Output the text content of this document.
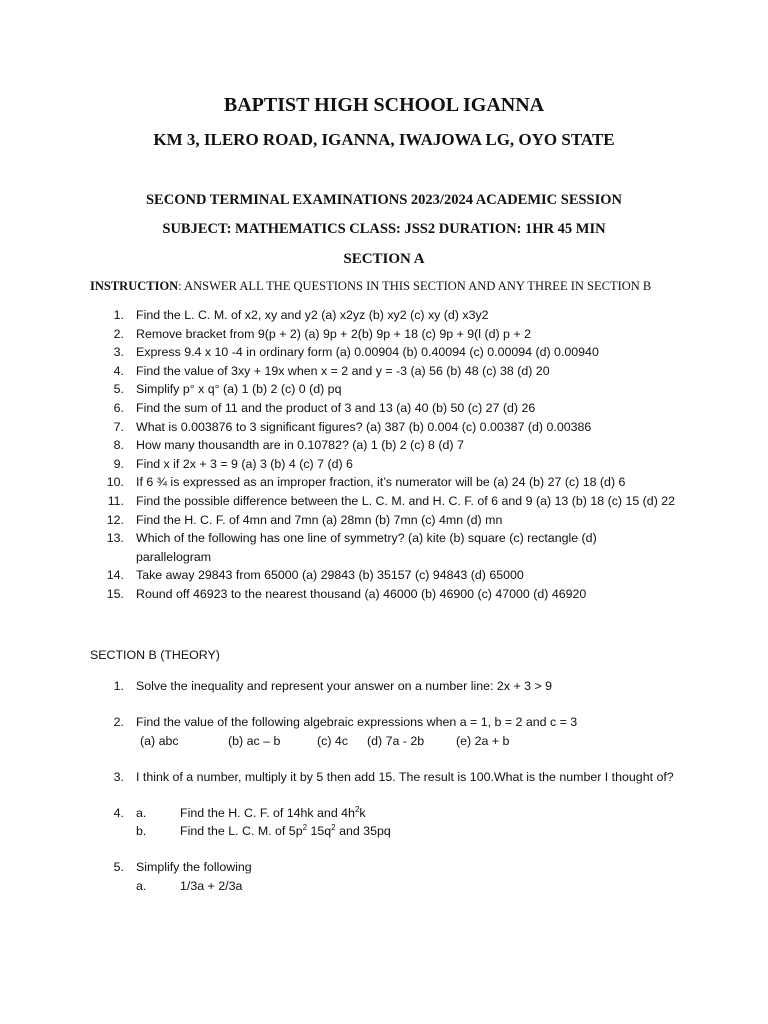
BAPTIST HIGH SCHOOL IGANNA
KM 3, ILERO ROAD, IGANNA, IWAJOWA LG, OYO STATE
SECOND TERMINAL EXAMINATIONS 2023/2024 ACADEMIC SESSION
SUBJECT: MATHEMATICS CLASS: JSS2 DURATION: 1HR 45 MIN
SECTION A
INSTRUCTION: ANSWER ALL THE QUESTIONS IN THIS SECTION AND ANY THREE IN SECTION B
1. Find the L. C. M. of x2, xy and y2 (a) x2yz (b) xy2 (c) xy (d) x3y2
2. Remove bracket from 9(p + 2) (a) 9p + 2(b) 9p + 18 (c) 9p + 9(l (d) p + 2
3. Express 9.4 x 10 -4 in ordinary form (a) 0.00904 (b) 0.40094 (c) 0.00094 (d) 0.00940
4. Find the value of 3xy + 19x when x = 2 and y = -3 (a) 56 (b) 48 (c) 38 (d) 20
5. Simplify p° x q° (a) 1 (b) 2 (c) 0 (d) pq
6. Find the sum of 11 and the product of 3 and 13 (a) 40 (b) 50 (c) 27 (d) 26
7. What is 0.003876 to 3 significant figures? (a) 387 (b) 0.004 (c) 0.00387 (d) 0.00386
8. How many thousandth are in 0.10782? (a) 1 (b) 2 (c) 8 (d) 7
9. Find x if 2x + 3 = 9 (a) 3 (b) 4 (c) 7 (d) 6
10. If 6 ¾ is expressed as an improper fraction, it’s numerator will be (a) 24 (b) 27 (c) 18 (d) 6
11. Find the possible difference between the L. C. M. and H. C. F. of 6 and 9 (a) 13 (b) 18 (c) 15 (d) 22
12. Find the H. C. F. of 4mn and 7mn (a) 28mn (b) 7mn (c) 4mn (d) mn
13. Which of the following has one line of symmetry? (a) kite (b) square (c) rectangle (d) parallelogram
14. Take away 29843 from 65000 (a) 29843 (b) 35157 (c) 94843 (d) 65000
15. Round off 46923 to the nearest thousand (a) 46000 (b) 46900 (c) 47000 (d) 46920
SECTION B (THEORY)
1. Solve the inequality and represent your answer on a number line: 2x + 3 > 9
2. Find the value of the following algebraic expressions when a = 1, b = 2 and c = 3
(a) abc	(b) ac – b	(c) 4c	(d) 7a - 2b	(e) 2a + b
3. I think of a number, multiply it by 5 then add 15. The result is 100.What is the number I thought of?
4. a.	Find the H. C. F. of 14hk and $4h^2k$
b.	Find the L. C. M. of $5p^2$ $15q^2$ and 35pq
5. Simplify the following
a.	1/3a + 2/3a
